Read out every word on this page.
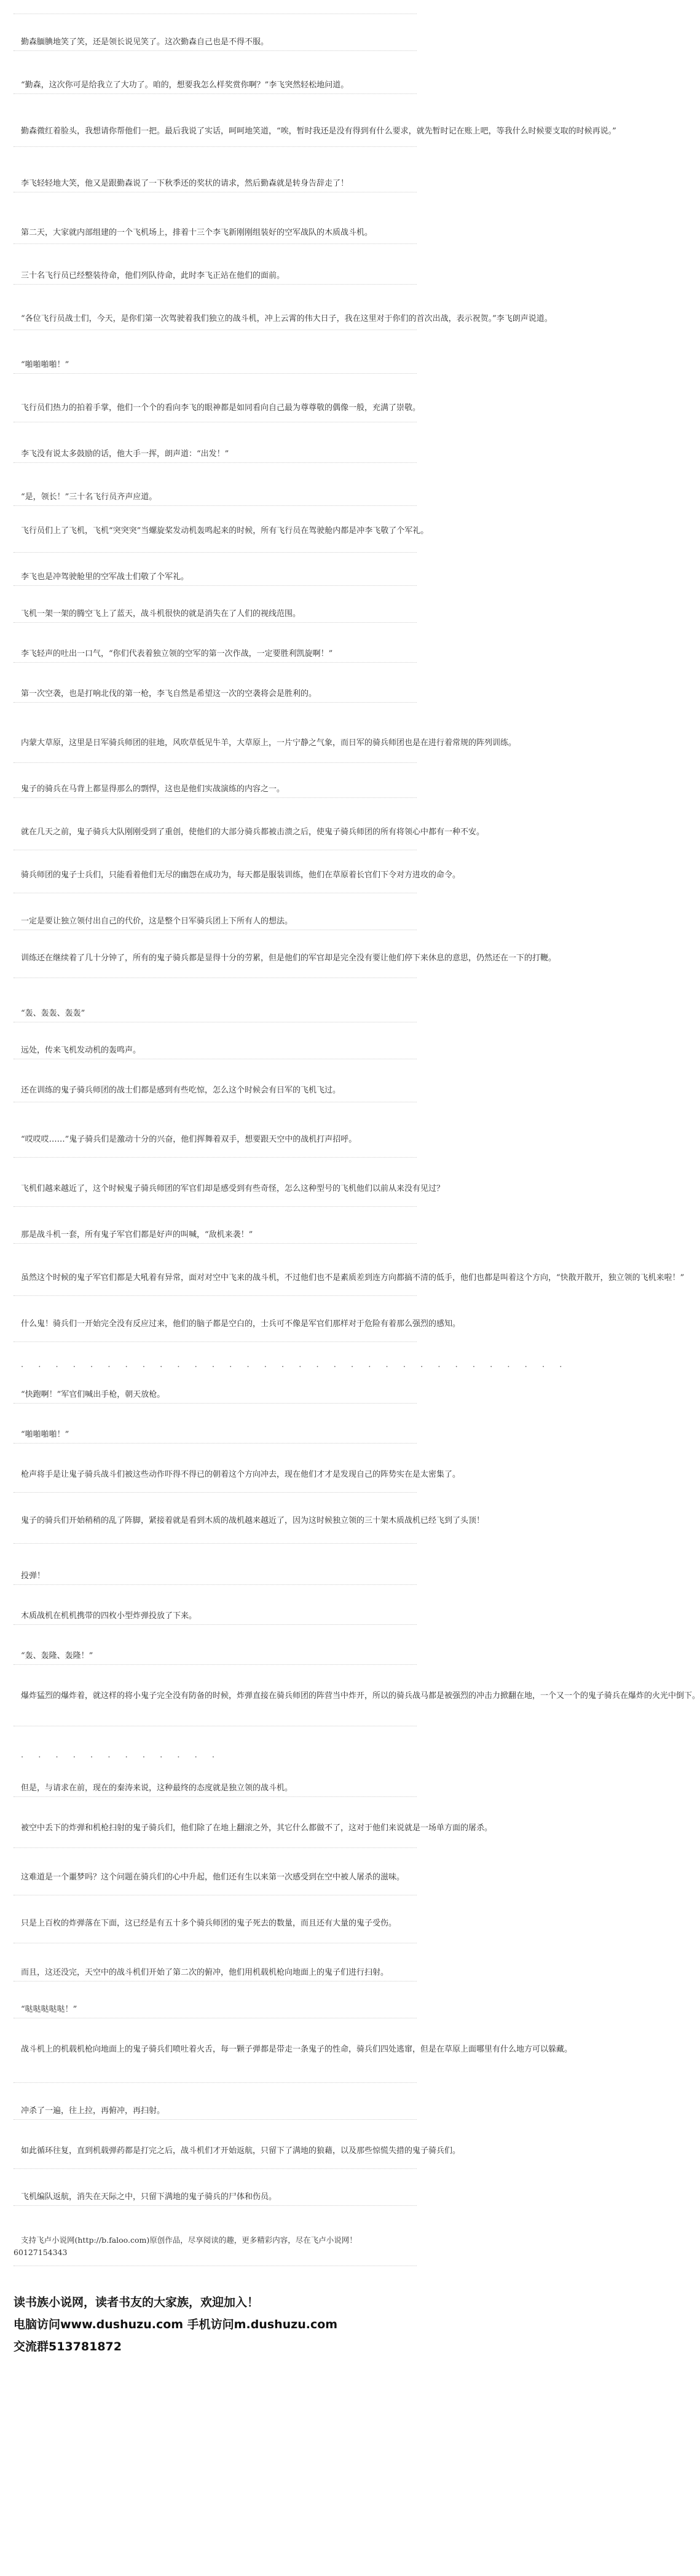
勤森腼腆地笑了笑，还是领长说见笑了。这次勤森自己也是不得不服。
“勤森，这次你可是给我立了大功了。咱的，想要我怎么样奖赏你啊？”李飞突然轻松地问道。
勤森微红着脸头，我想请你帮他们一把。最后我说了实话，呵呵地笑道，“唉，暂时我还是没有得到有什么要求，就先暂时记在账上吧，等我什么时候要支取的时候再说。”
李飞轻轻地大笑，他又是跟勤森说了一下秋季还的奖状的请求，然后勤森就是转身告辞走了！
第二天，大家就内部组建的一个飞机场上，排着十三个李飞新刚刚组装好的空军战队的木质战斗机。
三十名飞行员已经整装待命，他们列队待命，此时李飞正站在他们的面前。
“各位飞行员战士们，今天，是你们第一次驾驶着我们独立的战斗机，冲上云霄的伟大日子，我在这里对于你们的首次出战，表示祝贺。”李飞朗声说道。
“啪啪啪啪！”
飞行员们热力的拍着手掌，他们一个个的看向李飞的眼神都是如同看向自己最为尊尊敬的偶像一般，充满了崇敬。
李飞没有说太多鼓励的话，他大手一挥，朗声道：“出发！”
“是，领长！”三十名飞行员齐声应道。
飞行员们上了飞机，飞机“突突突”当螺旋桨发动机轰鸣起来的时候，所有飞行员在驾驶舱内都是冲李飞敬了个军礼。
李飞也是冲驾驶舱里的空军战士们敬了个军礼。
飞机一架一架的腾空飞上了蓝天，战斗机很快的就是消失在了人们的视线范围。
李飞轻声的吐出一口气，“你们代表着独立领的空军的第一次作战，一定要胜利凯旋啊！”
第一次空袭，也是打响北伐的第一枪，李飞自然是希望这一次的空袭将会是胜利的。
内蒙大草原，这里是日军骑兵师团的驻地，风吹草低见牛羊，大草原上，一片宁静之气象，而日军的骑兵师团也是在进行着常规的阵列训练。
鬼子的骑兵在马背上都显得那么的剽悍，这也是他们实战演练的内容之一。
就在几天之前，鬼子骑兵大队刚刚受到了重创，使他们的大部分骑兵都被击溃之后，使鬼子骑兵师团的所有将领心中都有一种不安。
骑兵师团的鬼子士兵们，只能看着他们无尽的幽怨在成功为，每天都是服装训练，他们在草原着长官们下令对方进攻的命令。
一定是要让独立领付出自己的代价，这是整个日军骑兵团上下所有人的想法。
训练还在继续着了几十分钟了，所有的鬼子骑兵都是显得十分的劳累，但是他们的军官却是完全没有要让他们停下来休息的意思，仍然还在一下的打鞭。
“轰、轰轰、轰轰”
远处，传来飞机发动机的轰鸣声。
还在训练的鬼子骑兵师团的战士们都是感到有些吃惊，怎么这个时候会有日军的飞机飞过。
“哎哎哎……”鬼子骑兵们是激动十分的兴奋，他们挥舞着双手，想要跟天空中的战机打声招呼。
飞机们越来越近了，这个时候鬼子骑兵师团的军官们却是感受到有些奇怪，怎么这种型号的飞机他们以前从来没有见过？
那是战斗机一套，所有鬼子军官们都是好声的叫喊，“敌机来袭！”
虽然这个时候的鬼子军官们都是大吼着有异常，面对对空中飞来的战斗机，不过他们也不是素质差到连方向都搞不清的低手，他们也都是叫着这个方向，“快散开散开，独立领的飞机来啦！”
什么鬼！骑兵们一开始完全没有反应过来，他们的脑子都是空白的，士兵可不像是军官们那样对于危险有着那么强烈的感知。
· · · · · · · · · · · · · · · · · · · · · · · · · · · · · · · ·
“快跑啊！”军官们喊出手枪，朝天放枪。
“啪啪啪啪！”
枪声将手是让鬼子骑兵战斗们被这些动作吓得不得已的朝着这个方向冲去，现在他们才才是发现自己的阵势实在是太密集了。
鬼子的骑兵们开始稍稍的乱了阵脚，紧接着就是看到木质的战机越来越近了，因为这时候独立领的三十架木质战机已经飞到了头顶！
投弹！
木质战机在机机携带的四枚小型炸弹投放了下来。
“轰、轰隆、轰隆！”
爆炸猛烈的爆炸着，就这样的将小鬼子完全没有防备的时候，炸弹直接在骑兵师团的阵营当中炸开，所以的骑兵战马都是被强烈的冲击力掀翻在地，一个又一个的鬼子骑兵在爆炸的火光中倒下。
· · · · · · · · · · · ·
但是，与请求在前，现在的秦涛来说，这种最终的态度就是独立领的战斗机。
被空中丢下的炸弹和机枪扫射的鬼子骑兵们，他们除了在地上翻滚之外，其它什么都做不了，这对于他们来说就是一场单方面的屠杀。
这难道是一个噩梦吗？这个问题在骑兵们的心中升起，他们还有生以来第一次感受到在空中被人屠杀的滋味。
只是上百枚的炸弹落在下面，这已经是有五十多个骑兵师团的鬼子死去的数量，而且还有大量的鬼子受伤。
而且，这还没完，天空中的战斗机们开始了第二次的俯冲，他们用机载机枪向地面上的鬼子们进行扫射。
“哒哒哒哒哒！”
战斗机上的机载机枪向地面上的鬼子骑兵们喷吐着火舌，每一颗子弹都是带走一条鬼子的性命，骑兵们四处逃窜，但是在草原上面哪里有什么地方可以躲藏。
冲杀了一遍，往上拉，再俯冲，再扫射。
如此循环往复，直到机载弹药都是打完之后，战斗机们才开始返航，只留下了满地的狼藉，以及那些惊慌失措的鬼子骑兵们。
飞机编队返航，消失在天际之中，只留下满地的鬼子骑兵的尸体和伤员。
支持飞卢小说网(http://b.faloo.com)原创作品，尽享阅读的趣，更多精彩内容，尽在飞卢小说网！
60127154343
读书族小说网，读者书友的大家族，欢迎加入！
电脑访问www.dushuzu.com 手机访问m.dushuzu.com
交流群513781872
